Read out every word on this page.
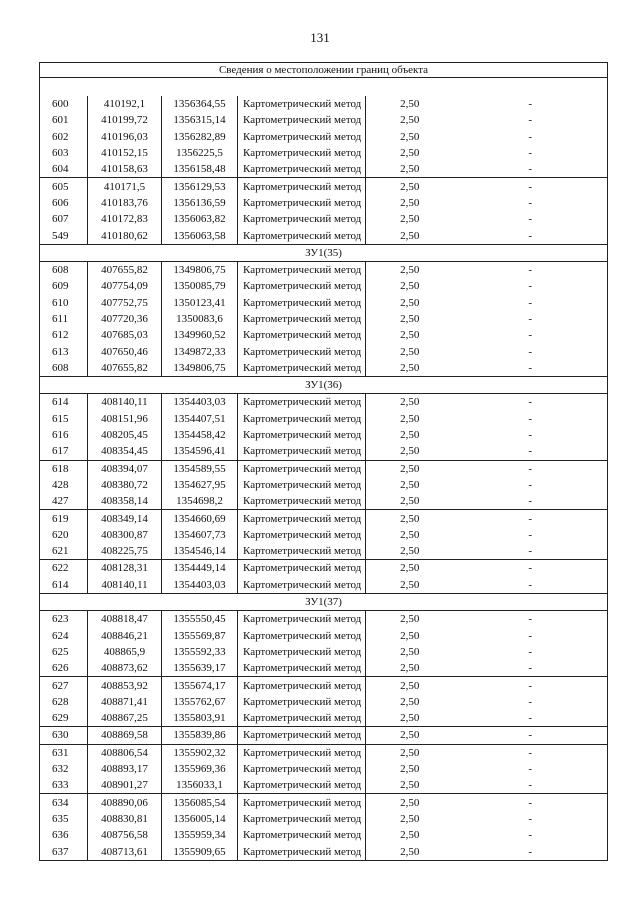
131
Сведения о местоположении границ объекта					

600	410192,1	1356364,55	Картометрический метод	2,50	-
601	410199,72	1356315,14	Картометрический метод	2,50	-
602	410196,03	1356282,89	Картометрический метод	2,50	-
603	410152,15	1356225,5	Картометрический метод	2,50	-
604	410158,63	1356158,48	Картометрический метод	2,50	-
605	410171,5	1356129,53	Картометрический метод	2,50	-
606	410183,76	1356136,59	Картометрический метод	2,50	-
607	410172,83	1356063,82	Картометрический метод	2,50	-
549	410180,62	1356063,58	Картометрический метод	2,50	-
ЗУ1(35)					
608	407655,82	1349806,75	Картометрический метод	2,50	-
609	407754,09	1350085,79	Картометрический метод	2,50	-
610	407752,75	1350123,41	Картометрический метод	2,50	-
611	407720,36	1350083,6	Картометрический метод	2,50	-
612	407685,03	1349960,52	Картометрический метод	2,50	-
613	407650,46	1349872,33	Картометрический метод	2,50	-
608	407655,82	1349806,75	Картометрический метод	2,50	-
ЗУ1(36)					
614	408140,11	1354403,03	Картометрический метод	2,50	-
615	408151,96	1354407,51	Картометрический метод	2,50	-
616	408205,45	1354458,42	Картометрический метод	2,50	-
617	408354,45	1354596,41	Картометрический метод	2,50	-
618	408394,07	1354589,55	Картометрический метод	2,50	-
428	408380,72	1354627,95	Картометрический метод	2,50	-
427	408358,14	1354698,2	Картометрический метод	2,50	-
619	408349,14	1354660,69	Картометрический метод	2,50	-
620	408300,87	1354607,73	Картометрический метод	2,50	-
621	408225,75	1354546,14	Картометрический метод	2,50	-
622	408128,31	1354449,14	Картометрический метод	2,50	-
614	408140,11	1354403,03	Картометрический метод	2,50	-
ЗУ1(37)					
623	408818,47	1355550,45	Картометрический метод	2,50	-
624	408846,21	1355569,87	Картометрический метод	2,50	-
625	408865,9	1355592,33	Картометрический метод	2,50	-
626	408873,62	1355639,17	Картометрический метод	2,50	-
627	408853,92	1355674,17	Картометрический метод	2,50	-
628	408871,41	1355762,67	Картометрический метод	2,50	-
629	408867,25	1355803,91	Картометрический метод	2,50	-
630	408869,58	1355839,86	Картометрический метод	2,50	-
631	408806,54	1355902,32	Картометрический метод	2,50	-
632	408893,17	1355969,36	Картометрический метод	2,50	-
633	408901,27	1356033,1	Картометрический метод	2,50	-
634	408890,06	1356085,54	Картометрический метод	2,50	-
635	408830,81	1356005,14	Картометрический метод	2,50	-
636	408756,58	1355959,34	Картометрический метод	2,50	-
637	408713,61	1355909,65	Картометрический метод	2,50	-
